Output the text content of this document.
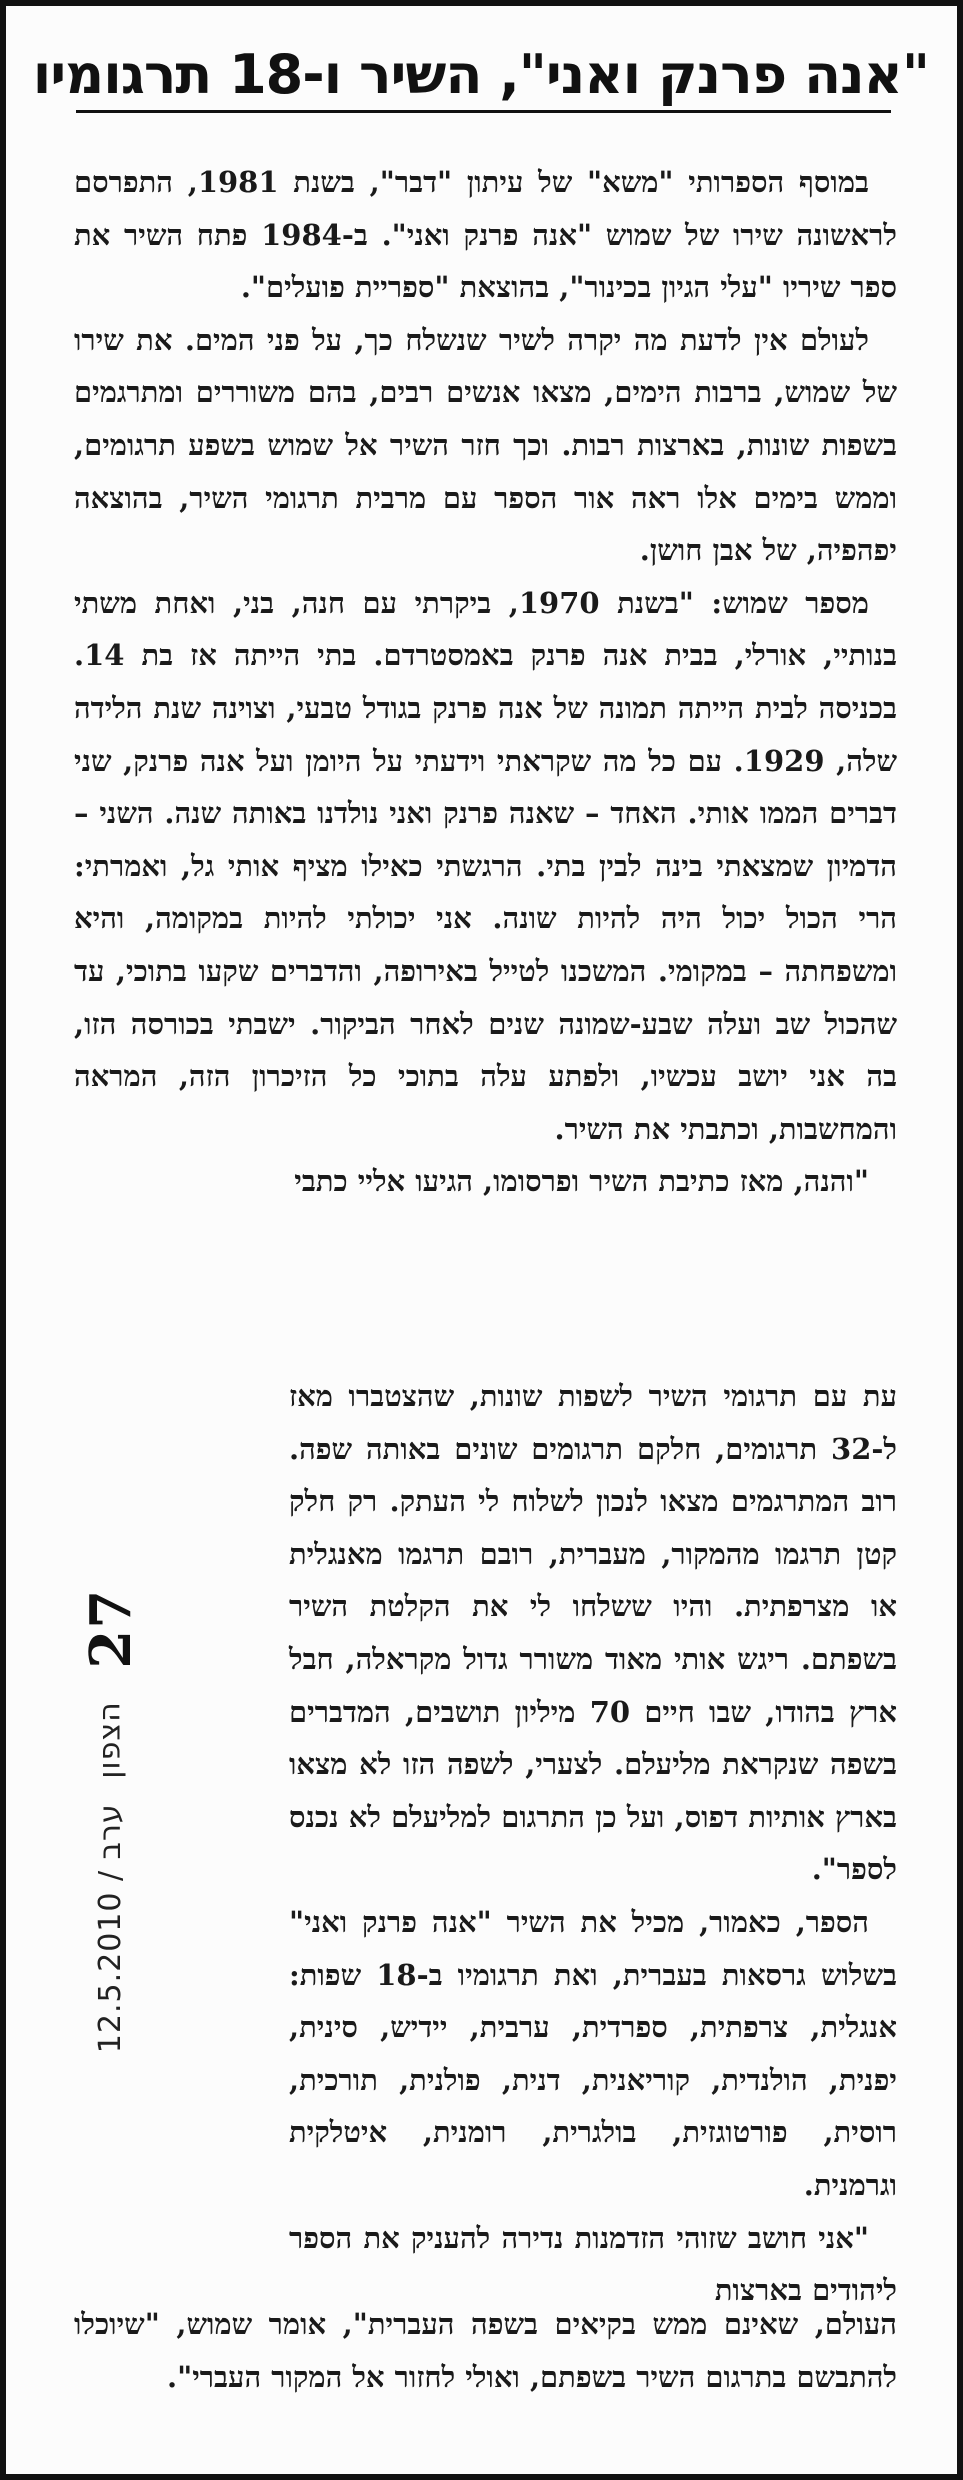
"אנה פרנק ואני", השיר ו-18 תרגומיו

במוסף הספרותי "משא" של עיתון "דבר", בשנת 1981, התפרסם לראשונה שירו של שמוש "אנה פרנק ואני". ב-1984 פתח השיר את ספר שיריו "עלי הגיון בכינור", בהוצאת "ספריית פועלים".

לעולם אין לדעת מה יקרה לשיר שנשלח כך, על פני המים. את שירו של שמוש, ברבות הימים, מצאו אנשים רבים, בהם משוררים ומתרגמים בשפות שונות, בארצות רבות. וכך חזר השיר אל שמוש בשפע תרגומים, וממש בימים אלו ראה אור הספר עם מרבית תרגומי השיר, בהוצאה יפהפיה, של אבן חושן.

מספר שמוש: "בשנת 1970, ביקרתי עם חנה, בני, ואחת משתי בנותיי, אורלי, בבית אנה פרנק באמסטרדם. בתי הייתה אז בת 14. בכניסה לבית הייתה תמונה של אנה פרנק בגודל טבעי, וצוינה שנת הלידה שלה, 1929. עם כל מה שקראתי וידעתי על היומן ועל אנה פרנק, שני דברים הממו אותי. האחד – שאנה פרנק ואני נולדנו באותה שנה. השני – הדמיון שמצאתי בינה לבין בתי. הרגשתי כאילו מציף אותי גל, ואמרתי: הרי הכול יכול היה להיות שונה. אני יכולתי להיות במקומה, והיא ומשפחתה – במקומי. המשכנו לטייל באירופה, והדברים שקעו בתוכי, עד שהכול שב ועלה שבע-שמונה שנים לאחר הביקור. ישבתי בכורסה הזו, בה אני יושב עכשיו, ולפתע עלה בתוכי כל הזיכרון הזה, המראה והמחשבות, וכתבתי את השיר.

"והנה, מאז כתיבת השיר ופרסומו, הגיעו אליי כתבי

עת עם תרגומי השיר לשפות שונות, שהצטברו מאז ל-32 תרגומים, חלקם תרגומים שונים באותה שפה. רוב המתרגמים מצאו לנכון לשלוח לי העתק. רק חלק קטן תרגמו מהמקור, מעברית, רובם תרגמו מאנגלית או מצרפתית. והיו ששלחו לי את הקלטת השיר בשפתם. ריגש אותי מאוד משורר גדול מקראלה, חבל ארץ בהודו, שבו חיים 70 מיליון תושבים, המדברים בשפה שנקראת מליעלם. לצערי, לשפה הזו לא מצאו בארץ אותיות דפוס, ועל כן התרגום למליעלם לא נכנס לספר".

הספר, כאמור, מכיל את השיר "אנה פרנק ואני" בשלוש גרסאות בעברית, ואת תרגומיו ב-18 שפות: אנגלית, צרפתית, ספרדית, ערבית, יידיש, סינית, יפנית, הולנדית, קוריאנית, דנית, פולנית, תורכית, רוסית, פורטוגזית, בולגרית, רומנית, איטלקית וגרמנית.

"אני חושב שזוהי הזדמנות נדירה להעניק את הספר ליהודים בארצות

העולם, שאינם ממש בקיאים בשפה העברית", אומר שמוש, "שיוכלו להתבשם בתרגום השיר בשפתם, ואולי לחזור אל המקור העברי".

27 הצפון ערב / 12.5.2010
